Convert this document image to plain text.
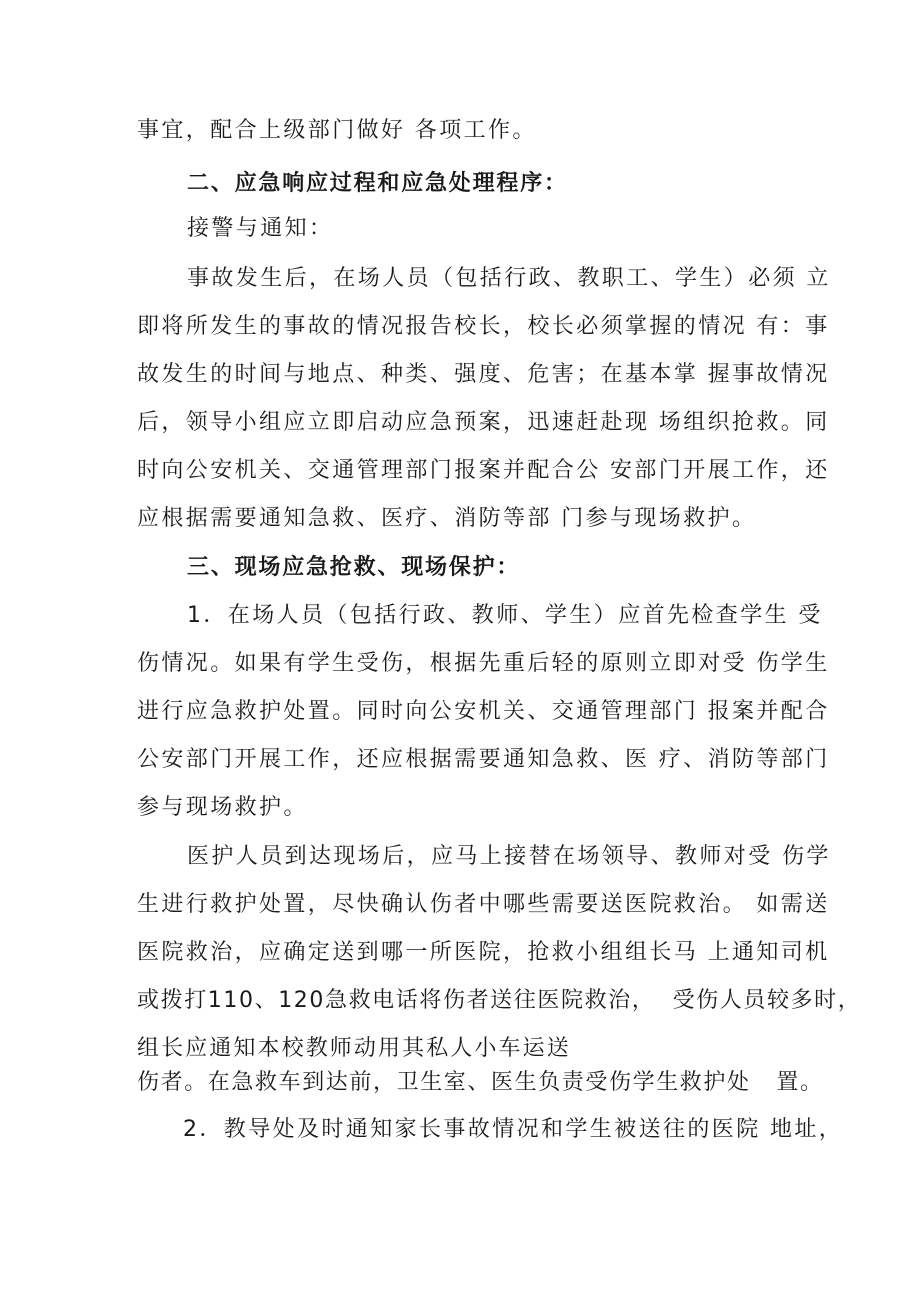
事宜，配合上级部门做好 各项工作。
二、应急响应过程和应急处理程序：
接警与通知：
事故发生后，在场人员（包括行政、教职工、学生）必须 立
即将所发生的事故的情况报告校长，校长必须掌握的情况 有：事
故发生的时间与地点、种类、强度、危害；在基本掌 握事故情况
后，领导小组应立即启动应急预案，迅速赶赴现 场组织抢救。同
时向公安机关、交通管理部门报案并配合公 安部门开展工作，还
应根据需要通知急救、医疗、消防等部 门参与现场救护。
三、现场应急抢救、现场保护：
1．在场人员（包括行政、教师、学生）应首先检查学生 受
伤情况。如果有学生受伤，根据先重后轻的原则立即对受 伤学生
进行应急救护处置。同时向公安机关、交通管理部门 报案并配合
公安部门开展工作，还应根据需要通知急救、医 疗、消防等部门
参与现场救护。
医护人员到达现场后，应马上接替在场领导、教师对受 伤学
生进行救护处置，尽快确认伤者中哪些需要送医院救治。 如需送
医院救治，应确定送到哪一所医院，抢救小组组长马 上通知司机
或拨打110、120急救电话将伤者送往医院救治，  受伤人员较多时，
组长应通知本校教师动用其私人小车运送
伤者。在急救车到达前，卫生室、医生负责受伤学生救护处   置。
2．教导处及时通知家长事故情况和学生被送往的医院 地址，
